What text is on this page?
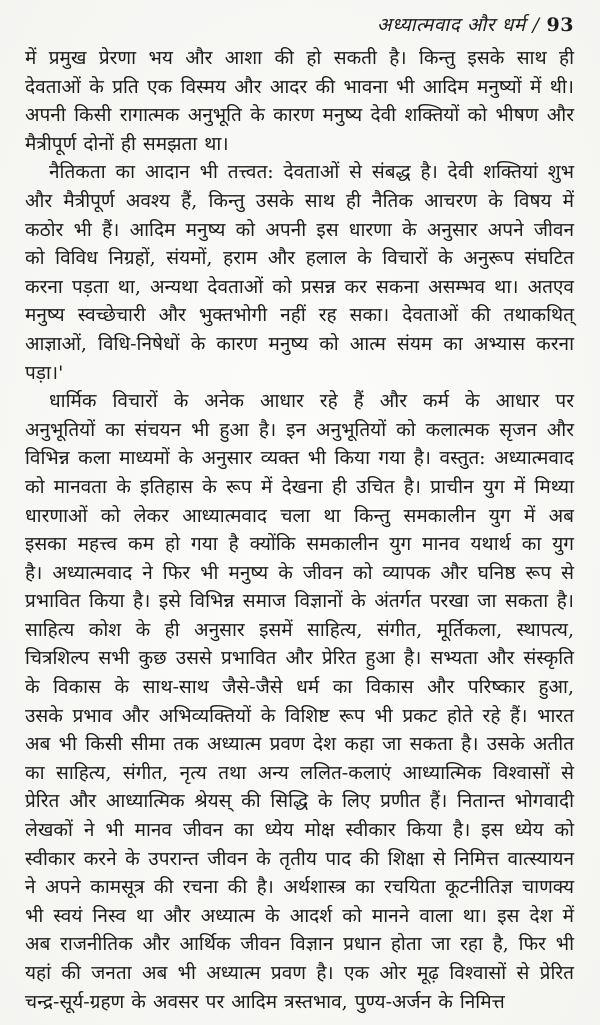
अध्यात्मवाद और धर्म / 93
में प्रमुख प्रेरणा भय और आशा की हो सकती है। किन्तु इसके साथ ही
देवताओं के प्रति एक विस्मय और आदर की भावना भी आदिम मनुष्यों में थी।
अपनी किसी रागात्मक अनुभूति के कारण मनुष्य देवी शक्तियों को भीषण और
मैत्रीपूर्ण दोनों ही समझता था।
नैतिकता का आदान भी तत्त्वत: देवताओं से संबद्ध है। देवी शक्तियां शुभ
और मैत्रीपूर्ण अवश्य हैं, किन्तु उसके साथ ही नैतिक आचरण के विषय में
कठोर भी हैं। आदिम मनुष्य को अपनी इस धारणा के अनुसार अपने जीवन
को विविध निग्रहों, संयमों, हराम और हलाल के विचारों के अनुरूप संघटित
करना पड़ता था, अन्यथा देवताओं को प्रसन्न कर सकना असम्भव था। अतएव
मनुष्य स्वच्छेचारी और भुक्तभोगी नहीं रह सका। देवताओं की तथाकथित्
आज्ञाओं, विधि-निषेधों के कारण मनुष्य को आत्म संयम का अभ्यास करना
पड़ा।'
धार्मिक विचारों के अनेक आधार रहे हैं और कर्म के आधार पर
अनुभूतियों का संचयन भी हुआ है। इन अनुभूतियों को कलात्मक सृजन और
विभिन्न कला माध्यमों के अनुसार व्यक्त भी किया गया है। वस्तुत: अध्यात्मवाद
को मानवता के इतिहास के रूप में देखना ही उचित है। प्राचीन युग में मिथ्या
धारणाओं को लेकर आध्यात्मवाद चला था किन्तु समकालीन युग में अब
इसका महत्त्व कम हो गया है क्योंकि समकालीन युग मानव यथार्थ का युग
है। अध्यात्मवाद ने फिर भी मनुष्य के जीवन को व्यापक और घनिष्ठ रूप से
प्रभावित किया है। इसे विभिन्न समाज विज्ञानों के अंतर्गत परखा जा सकता है।
साहित्य कोश के ही अनुसार इसमें साहित्य, संगीत, मूर्तिकला, स्थापत्य,
चित्रशिल्प सभी कुछ उससे प्रभावित और प्रेरित हुआ है। सभ्यता और संस्कृति
के विकास के साथ-साथ जैसे-जैसे धर्म का विकास और परिष्कार हुआ,
उसके प्रभाव और अभिव्यक्तियों के विशिष्ट रूप भी प्रकट होते रहे हैं। भारत
अब भी किसी सीमा तक अध्यात्म प्रवण देश कहा जा सकता है। उसके अतीत
का साहित्य, संगीत, नृत्य तथा अन्य ललित-कलाएं आध्यात्मिक विश्वासों से
प्रेरित और आध्यात्मिक श्रेयस् की सिद्धि के लिए प्रणीत हैं। नितान्त भोगवादी
लेखकों ने भी मानव जीवन का ध्येय मोक्ष स्वीकार किया है। इस ध्येय को
स्वीकार करने के उपरान्त जीवन के तृतीय पाद की शिक्षा से निमित्त वात्स्यायन
ने अपने कामसूत्र की रचना की है। अर्थशास्त्र का रचयिता कूटनीतिज्ञ चाणक्य
भी स्वयं निस्व था और अध्यात्म के आदर्श को मानने वाला था। इस देश में
अब राजनीतिक और आर्थिक जीवन विज्ञान प्रधान होता जा रहा है, फिर भी
यहां की जनता अब भी अध्यात्म प्रवण है। एक ओर मूढ़ विश्वासों से प्रेरित
चन्द्र-सूर्य-ग्रहण के अवसर पर आदिम त्रस्तभाव, पुण्य-अर्जन के निमित्त
